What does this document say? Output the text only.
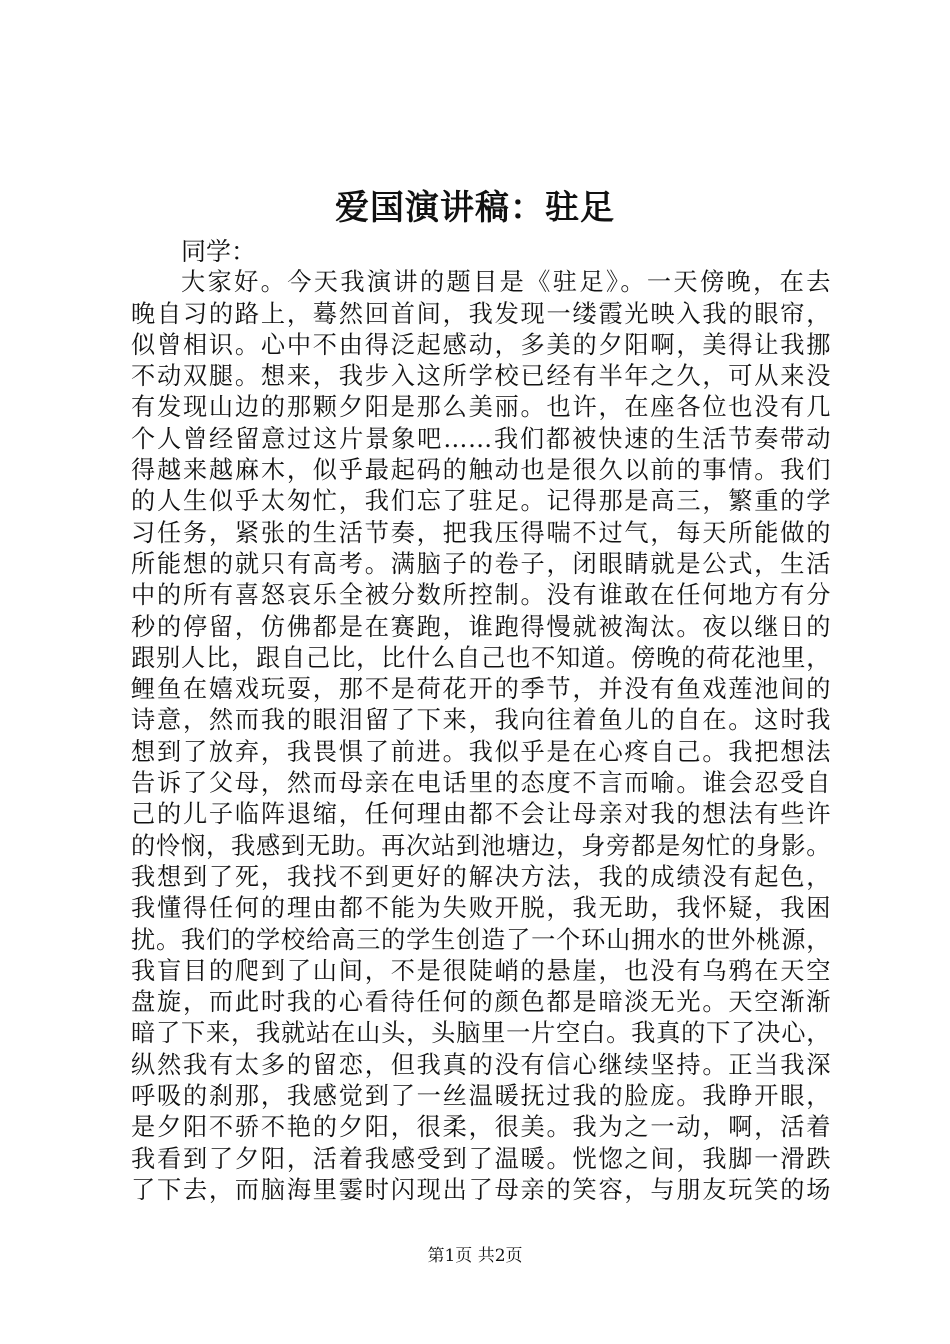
爱国演讲稿：驻足

同学：

大家好。今天我演讲的题目是《驻足》。一天傍晚，在去

晚自习的路上，蓦然回首间，我发现一缕霞光映入我的眼帘，

似曾相识。心中不由得泛起感动，多美的夕阳啊，美得让我挪

不动双腿。想来，我步入这所学校已经有半年之久，可从来没

有发现山边的那颗夕阳是那么美丽。也许，在座各位也没有几

个人曾经留意过这片景象吧……我们都被快速的生活节奏带动

得越来越麻木，似乎最起码的触动也是很久以前的事情。我们

的人生似乎太匆忙，我们忘了驻足。记得那是高三，繁重的学

习任务，紧张的生活节奏，把我压得喘不过气，每天所能做的

所能想的就只有高考。满脑子的卷子，闭眼睛就是公式，生活

中的所有喜怒哀乐全被分数所控制。没有谁敢在任何地方有分

秒的停留，仿佛都是在赛跑，谁跑得慢就被淘汰。夜以继日的

跟别人比，跟自己比，比什么自己也不知道。傍晚的荷花池里，

鲤鱼在嬉戏玩耍，那不是荷花开的季节，并没有鱼戏莲池间的

诗意，然而我的眼泪留了下来，我向往着鱼儿的自在。这时我

想到了放弃，我畏惧了前进。我似乎是在心疼自己。我把想法

告诉了父母，然而母亲在电话里的态度不言而喻。谁会忍受自

己的儿子临阵退缩，任何理由都不会让母亲对我的想法有些许

的怜悯，我感到无助。再次站到池塘边，身旁都是匆忙的身影。

我想到了死，我找不到更好的解决方法，我的成绩没有起色，

我懂得任何的理由都不能为失败开脱，我无助，我怀疑，我困

扰。我们的学校给高三的学生创造了一个环山拥水的世外桃源，

我盲目的爬到了山间，不是很陡峭的悬崖，也没有乌鸦在天空

盘旋，而此时我的心看待任何的颜色都是暗淡无光。天空渐渐

暗了下来，我就站在山头，头脑里一片空白。我真的下了决心，

纵然我有太多的留恋，但我真的没有信心继续坚持。正当我深

呼吸的刹那，我感觉到了一丝温暖抚过我的脸庞。我睁开眼，

是夕阳不骄不艳的夕阳，很柔，很美。我为之一动，啊，活着

我看到了夕阳，活着我感受到了温暖。恍惚之间，我脚一滑跌

了下去，而脑海里霎时闪现出了母亲的笑容，与朋友玩笑的场

第1页 共2页
